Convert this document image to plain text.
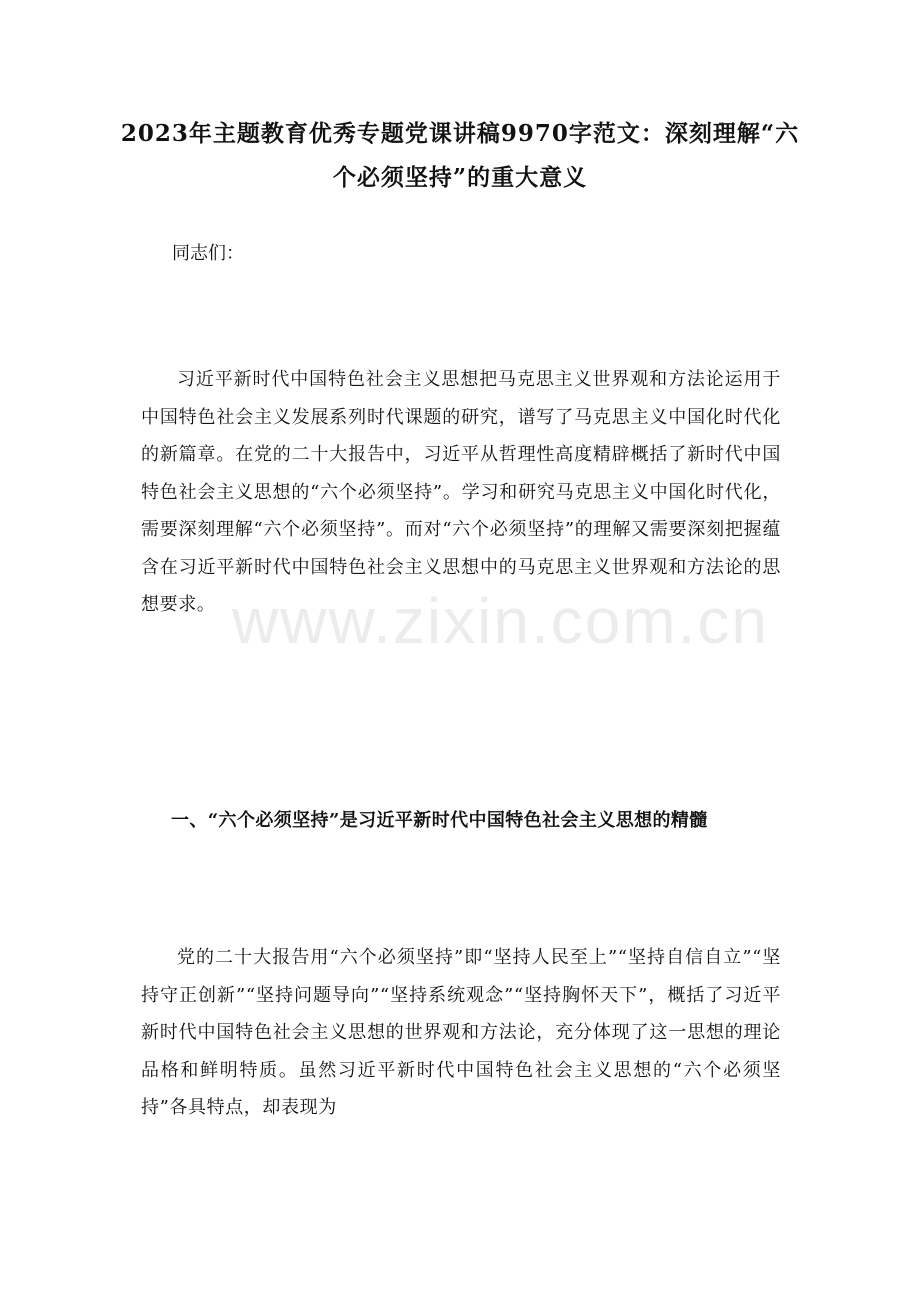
2023年主题教育优秀专题党课讲稿9970字范文：深刻理解“六个必须坚持”的重大意义
同志们：
习近平新时代中国特色社会主义思想把马克思主义世界观和方法论运用于中国特色社会主义发展系列时代课题的研究，谱写了马克思主义中国化时代化的新篇章。在党的二十大报告中，习近平从哲理性高度精辟概括了新时代中国特色社会主义思想的“六个必须坚持”。学习和研究马克思主义中国化时代化，需要深刻理解“六个必须坚持”。而对“六个必须坚持”的理解又需要深刻把握蕴含在习近平新时代中国特色社会主义思想中的马克思主义世界观和方法论的思想要求。
一、“六个必须坚持”是习近平新时代中国特色社会主义思想的精髓
党的二十大报告用“六个必须坚持”即“坚持人民至上”“坚持自信自立”“坚持守正创新”“坚持问题导向”“坚持系统观念”“坚持胸怀天下”，概括了习近平新时代中国特色社会主义思想的世界观和方法论，充分体现了这一思想的理论品格和鲜明特质。虽然习近平新时代中国特色社会主义思想的“六个必须坚持”各具特点，却表现为
www.zixin.com.cn
